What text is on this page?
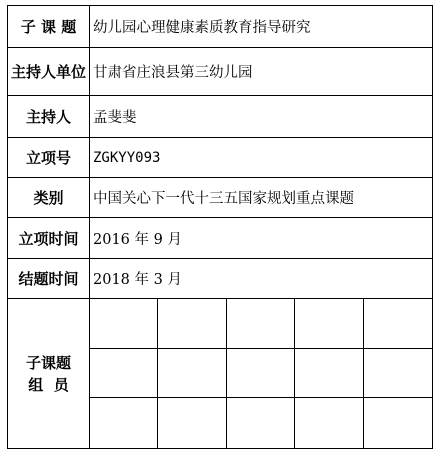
子 课 题	幼儿园心理健康素质教育指导研究
主持人单位 甘肃省庄浪县第三幼儿园
主持人	孟斐斐
立项号	ZGKYY093
类别	中国关心下一代十三五国家规划重点课题
立项时间	2016 年 9 月
结题时间	2018 年 3 月
子课题
组  员
